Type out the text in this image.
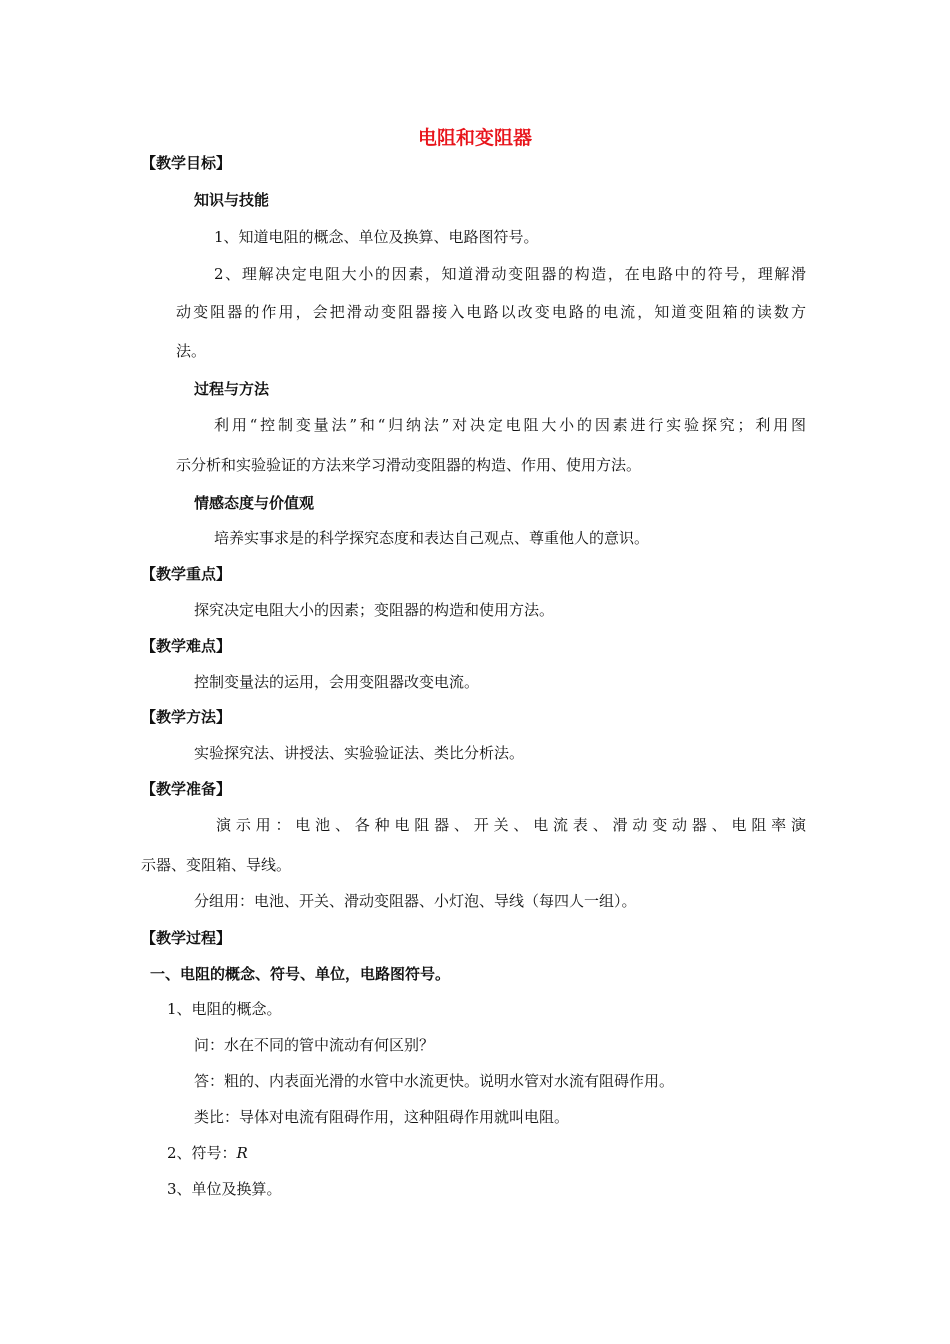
电阻和变阻器
【教学目标】
知识与技能
1、知道电阻的概念、单位及换算、电路图符号。
2、理解决定电阻大小的因素，知道滑动变阻器的构造，在电路中的符号，理解滑
动变阻器的作用，会把滑动变阻器接入电路以改变电路的电流，知道变阻箱的读数方
法。
过程与方法
利用“控制变量法”和“归纳法”对决定电阻大小的因素进行实验探究；利用图
示分析和实验验证的方法来学习滑动变阻器的构造、作用、使用方法。
情感态度与价值观
培养实事求是的科学探究态度和表达自己观点、尊重他人的意识。
【教学重点】
探究决定电阻大小的因素；变阻器的构造和使用方法。
【教学难点】
控制变量法的运用，会用变阻器改变电流。
【教学方法】
实验探究法、讲授法、实验验证法、类比分析法。
【教学准备】
演示用：电池、各种电阻器、开关、电流表、滑动变动器、电阻率演
示器、变阻箱、导线。
分组用：电池、开关、滑动变阻器、小灯泡、导线（每四人一组）。
【教学过程】
一、电阻的概念、符号、单位，电路图符号。
1、电阻的概念。
问：水在不同的管中流动有何区别？
答：粗的、内表面光滑的水管中水流更快。说明水管对水流有阻碍作用。
类比：导体对电流有阻碍作用，这种阻碍作用就叫电阻。
2、符号：R
3、单位及换算。
